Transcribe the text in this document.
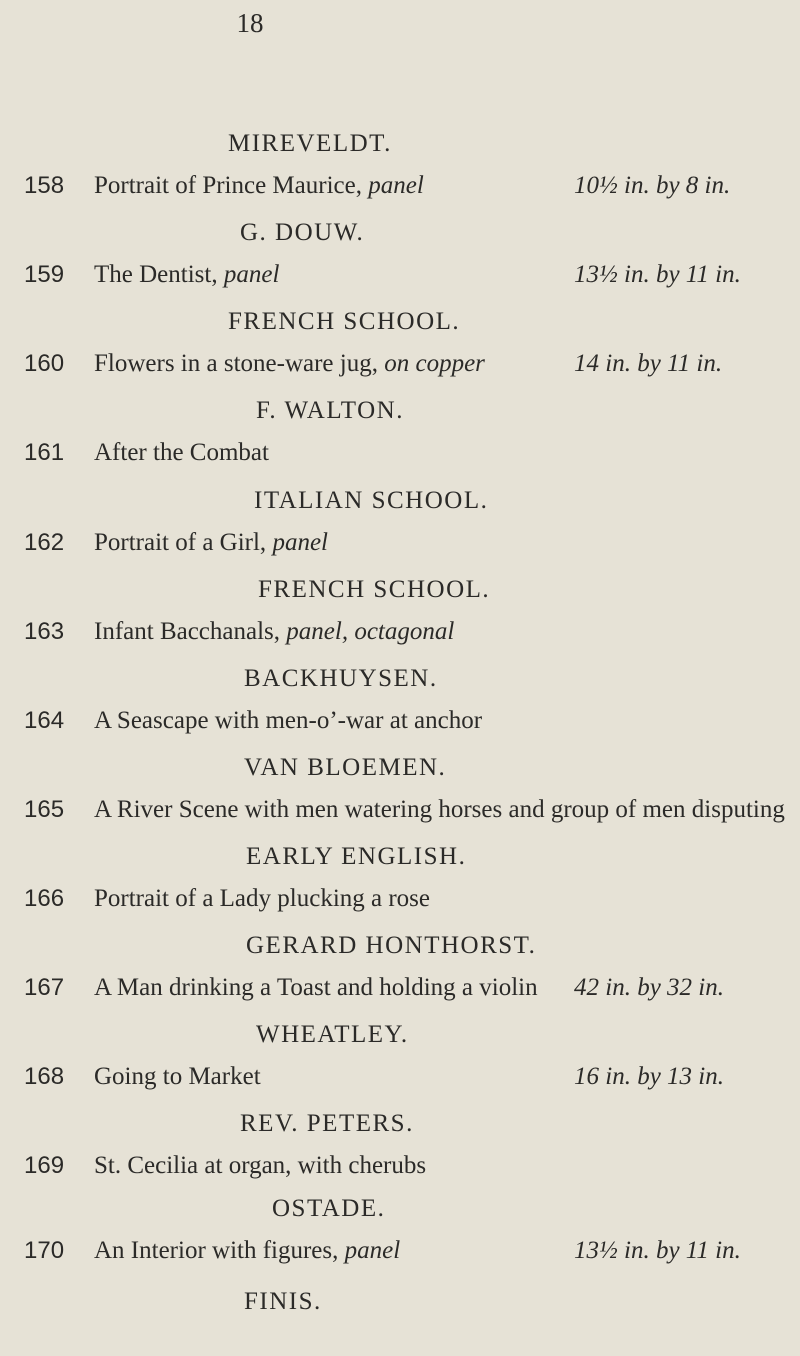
18
MIREVELDT.
158 Portrait of Prince Maurice, panel	10½ in. by 8 in.
G. DOUW.
159 The Dentist, panel	13½ in. by 11 in.
FRENCH SCHOOL.
160 Flowers in a stone-ware jug, on copper	14 in. by 11 in.
F. WALTON.
161 After the Combat
ITALIAN SCHOOL.
162 Portrait of a Girl, panel
FRENCH SCHOOL.
163 Infant Bacchanals, panel, octagonal
BACKHUYSEN.
164 A Seascape with men-o’-war at anchor
VAN BLOEMEN.
165 A River Scene with men watering horses and group of men disputing
EARLY ENGLISH.
166 Portrait of a Lady plucking a rose
GERARD HONTHORST.
167 A Man drinking a Toast and holding a violin 42 in. by 32 in.
WHEATLEY.
168 Going to Market	16 in. by 13 in.
REV. PETERS.
169 St. Cecilia at organ, with cherubs
OSTADE.
170 An Interior with figures, panel	13½ in. by 11 in.
FINIS.
